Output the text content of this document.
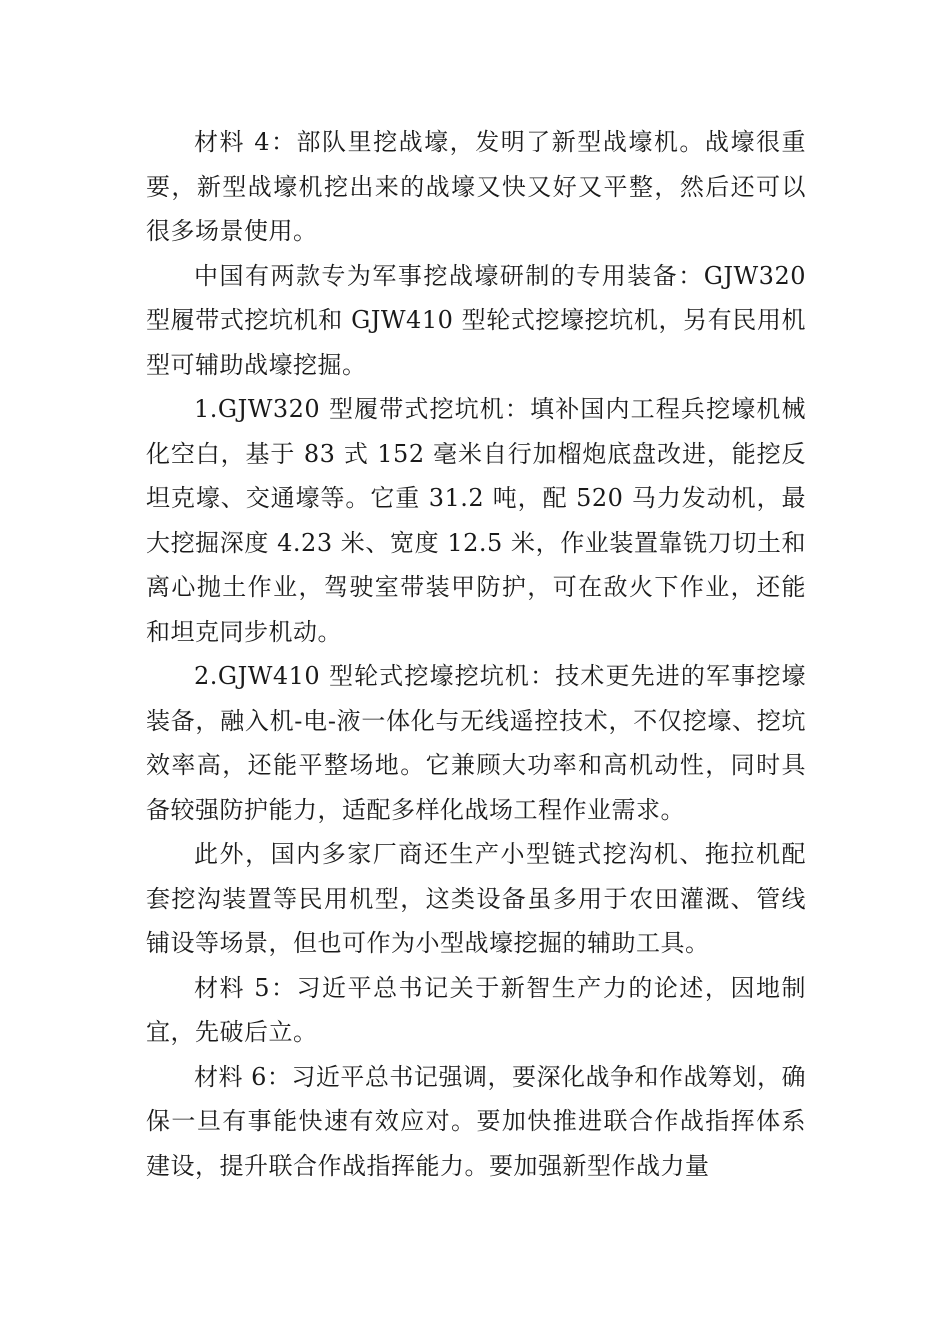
材料 4：部队里挖战壕，发明了新型战壕机。战壕很重要，新型战壕机挖出来的战壕又快又好又平整，然后还可以很多场景使用。

中国有两款专为军事挖战壕研制的专用装备：GJW320 型履带式挖坑机和 GJW410 型轮式挖壕挖坑机，另有民用机型可辅助战壕挖掘。

1.GJW320 型履带式挖坑机：填补国内工程兵挖壕机械化空白，基于 83 式 152 毫米自行加榴炮底盘改进，能挖反坦克壕、交通壕等。它重 31.2 吨，配 520 马力发动机，最大挖掘深度 4.23 米、宽度 12.5 米，作业装置靠铣刀切土和离心抛土作业，驾驶室带装甲防护，可在敌火下作业，还能和坦克同步机动。

2.GJW410 型轮式挖壕挖坑机：技术更先进的军事挖壕装备，融入机-电-液一体化与无线遥控技术，不仅挖壕、挖坑效率高，还能平整场地。它兼顾大功率和高机动性，同时具备较强防护能力，适配多样化战场工程作业需求。

此外，国内多家厂商还生产小型链式挖沟机、拖拉机配套挖沟装置等民用机型，这类设备虽多用于农田灌溉、管线铺设等场景，但也可作为小型战壕挖掘的辅助工具。

材料 5：习近平总书记关于新智生产力的论述，因地制宜，先破后立。

材料 6：习近平总书记强调，要深化战争和作战筹划，确保一旦有事能快速有效应对。要加快推进联合作战指挥体系建设，提升联合作战指挥能力。要加强新型作战力量
